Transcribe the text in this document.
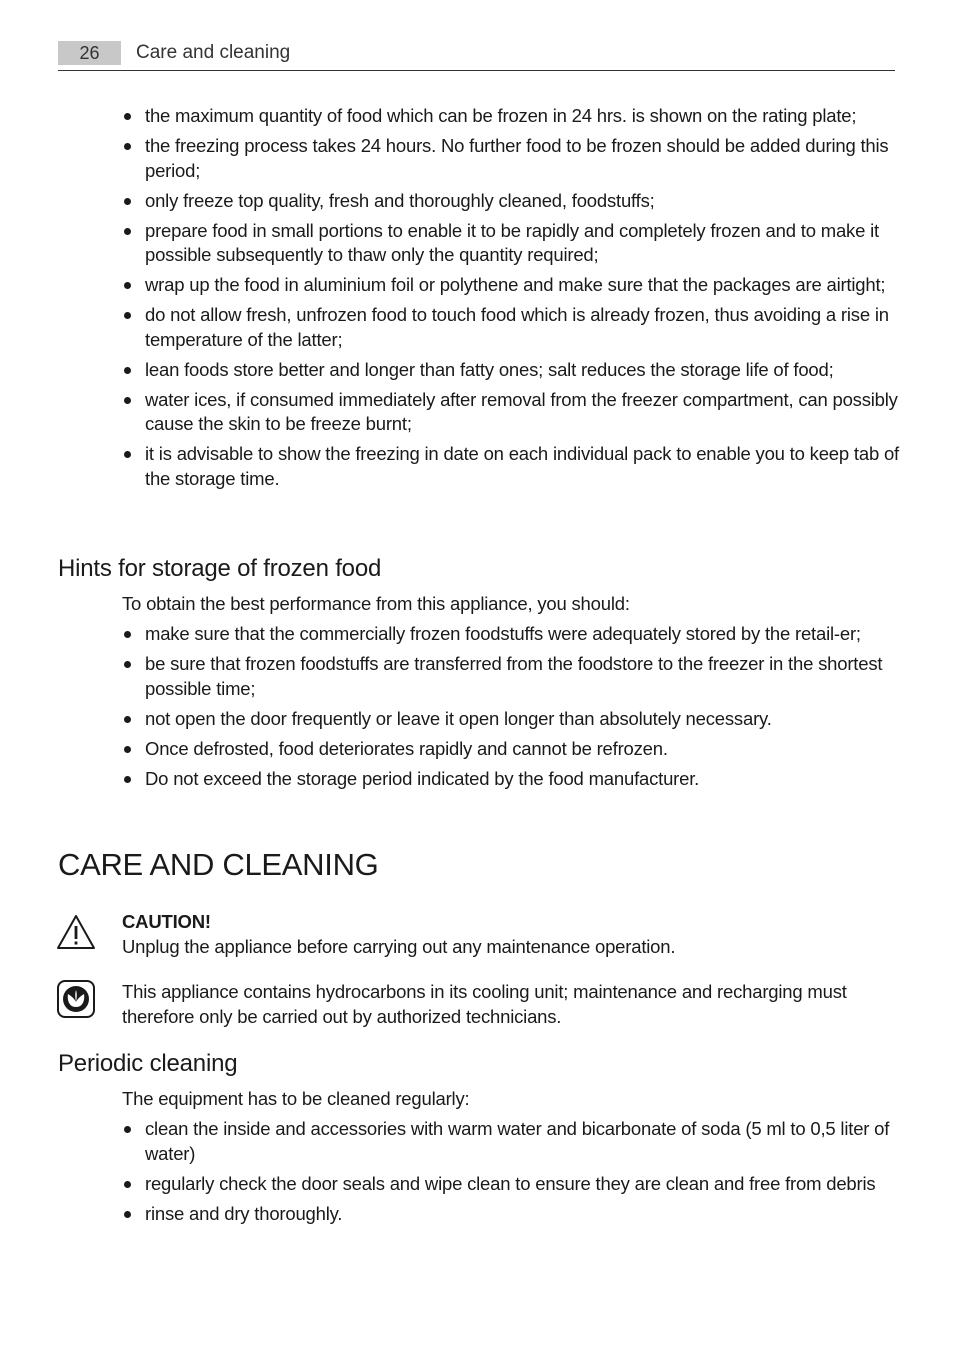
26	Care and cleaning
the maximum quantity of food which can be frozen in 24 hrs. is shown on the rating plate;
the freezing process takes 24 hours. No further food to be frozen should be added during this period;
only freeze top quality, fresh and thoroughly cleaned, foodstuffs;
prepare food in small portions to enable it to be rapidly and completely frozen and to make it possible subsequently to thaw only the quantity required;
wrap up the food in aluminium foil or polythene and make sure that the packages are airtight;
do not allow fresh, unfrozen food to touch food which is already frozen, thus avoiding a rise in temperature of the latter;
lean foods store better and longer than fatty ones; salt reduces the storage life of food;
water ices, if consumed immediately after removal from the freezer compartment, can possibly cause the skin to be freeze burnt;
it is advisable to show the freezing in date on each individual pack to enable you to keep tab of the storage time.
Hints for storage of frozen food
To obtain the best performance from this appliance, you should:
make sure that the commercially frozen foodstuffs were adequately stored by the retail-er;
be sure that frozen foodstuffs are transferred from the foodstore to the freezer in the shortest possible time;
not open the door frequently or leave it open longer than absolutely necessary.
Once defrosted, food deteriorates rapidly and cannot be refrozen.
Do not exceed the storage period indicated by the food manufacturer.
CARE AND CLEANING
CAUTION!
Unplug the appliance before carrying out any maintenance operation.
This appliance contains hydrocarbons in its cooling unit; maintenance and recharging must therefore only be carried out by authorized technicians.
Periodic cleaning
The equipment has to be cleaned regularly:
clean the inside and accessories with warm water and bicarbonate of soda (5 ml to 0,5 liter of water)
regularly check the door seals and wipe clean to ensure they are clean and free from debris
rinse and dry thoroughly.
